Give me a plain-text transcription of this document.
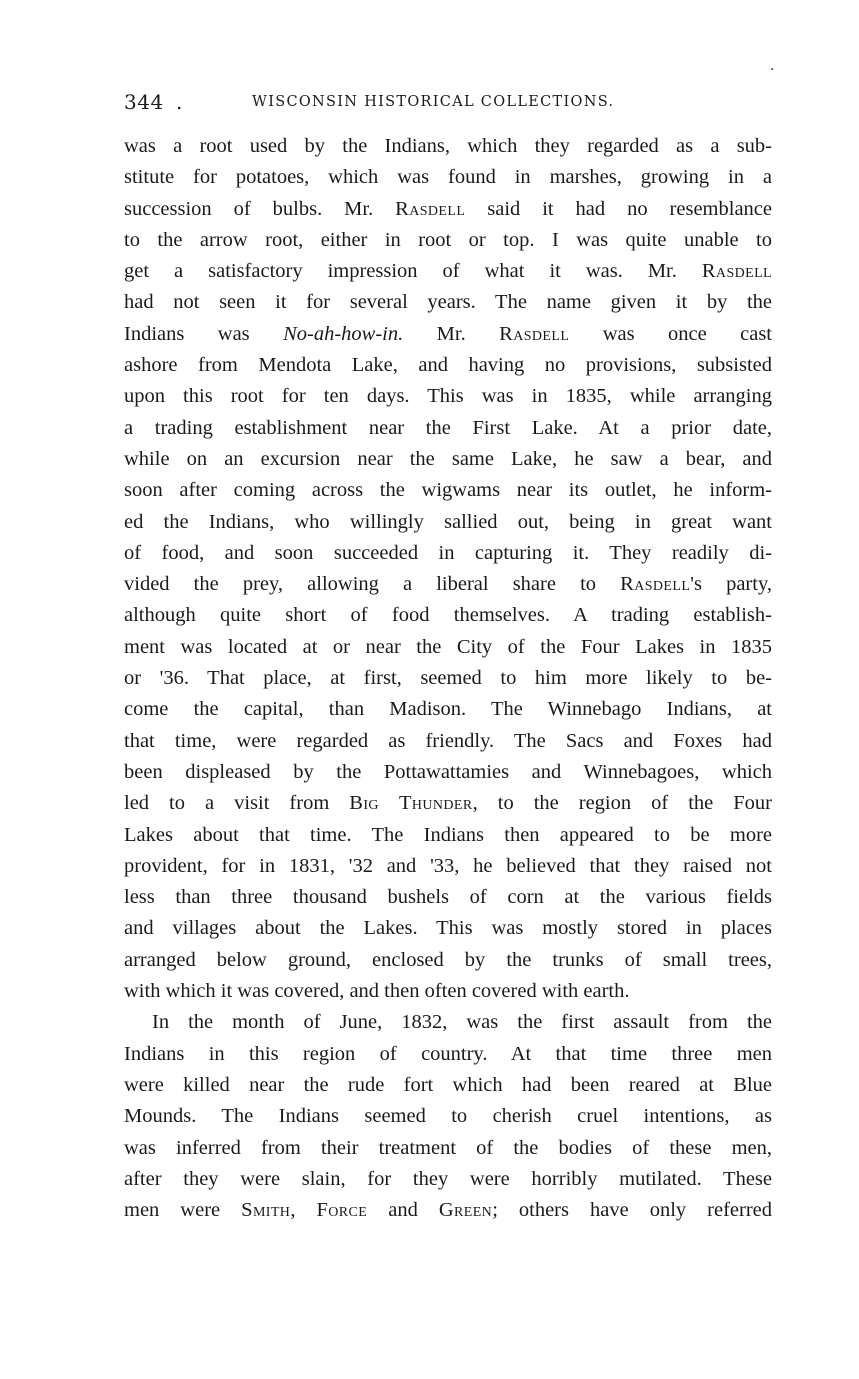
344 .	WISCONSIN HISTORICAL COLLECTIONS.
·
was a root used by the Indians, which they regarded as a sub-
stitute for potatoes, which was found in marshes, growing in a
succession of bulbs. Mr. Rasdell said it had no resemblance
to the arrow root, either in root or top. I was quite unable to
get a satisfactory impression of what it was. Mr. Rasdell
had not seen it for several years. The name given it by the
Indians was No-ah-how-in. Mr. Rasdell was once cast
ashore from Mendota Lake, and having no provisions, subsisted
upon this root for ten days. This was in 1835, while arranging
a trading establishment near the First Lake. At a prior date,
while on an excursion near the same Lake, he saw a bear, and
soon after coming across the wigwams near its outlet, he inform-
ed the Indians, who willingly sallied out, being in great want
of food, and soon succeeded in capturing it. They readily di-
vided the prey, allowing a liberal share to Rasdell's party,
although quite short of food themselves. A trading establish-
ment was located at or near the City of the Four Lakes in 1835
or '36. That place, at first, seemed to him more likely to be-
come the capital, than Madison. The Winnebago Indians, at
that time, were regarded as friendly. The Sacs and Foxes had
been displeased by the Pottawattamies and Winnebagoes, which
led to a visit from Big Thunder, to the region of the Four
Lakes about that time. The Indians then appeared to be more
provident, for in 1831, '32 and '33, he believed that they raised not
less than three thousand bushels of corn at the various fields
and villages about the Lakes. This was mostly stored in places
arranged below ground, enclosed by the trunks of small trees,
with which it was covered, and then often covered with earth.
In the month of June, 1832, was the first assault from the
Indians in this region of country. At that time three men
were killed near the rude fort which had been reared at Blue
Mounds. The Indians seemed to cherish cruel intentions, as
was inferred from their treatment of the bodies of these men,
after they were slain, for they were horribly mutilated. These
men were Smith, Force and Green; others have only referred
